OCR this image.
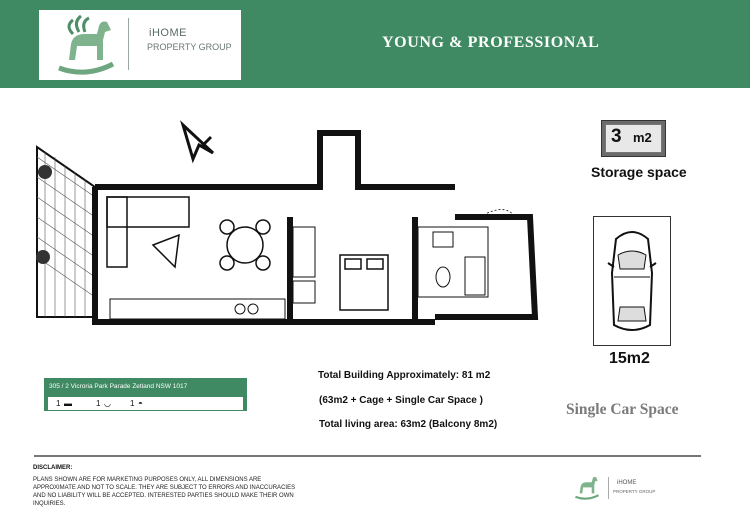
iHOME
PROPERTY GROUP	YOUNG & PROFESSIONAL
3 m2
Storage space
15m2
Single Car Space
305 / 2 Vicroria Park Parade Zetland NSW 1017
1 ▬	1 ◡ 1 ◓
Total Building Approximately: 81 m2
(63m2 + Cage + Single Car Space )
Total living area: 63m2 (Balcony 8m2)
DISCLAIMER:
PLANS SHOWN ARE FOR MARKETING PURPOSES ONLY, ALL DIMENSIONS ARE APPROXIMATE AND NOT TO SCALE. THEY ARE SUBJECT TO ERRORS AND INACCURACIES AND NO LIABILITY WILL BE ACCEPTED. INTERESTED PARTIES SHOULD MAKE THEIR OWN INQUIRIES.
iHOME
PROPERTY GROUP
